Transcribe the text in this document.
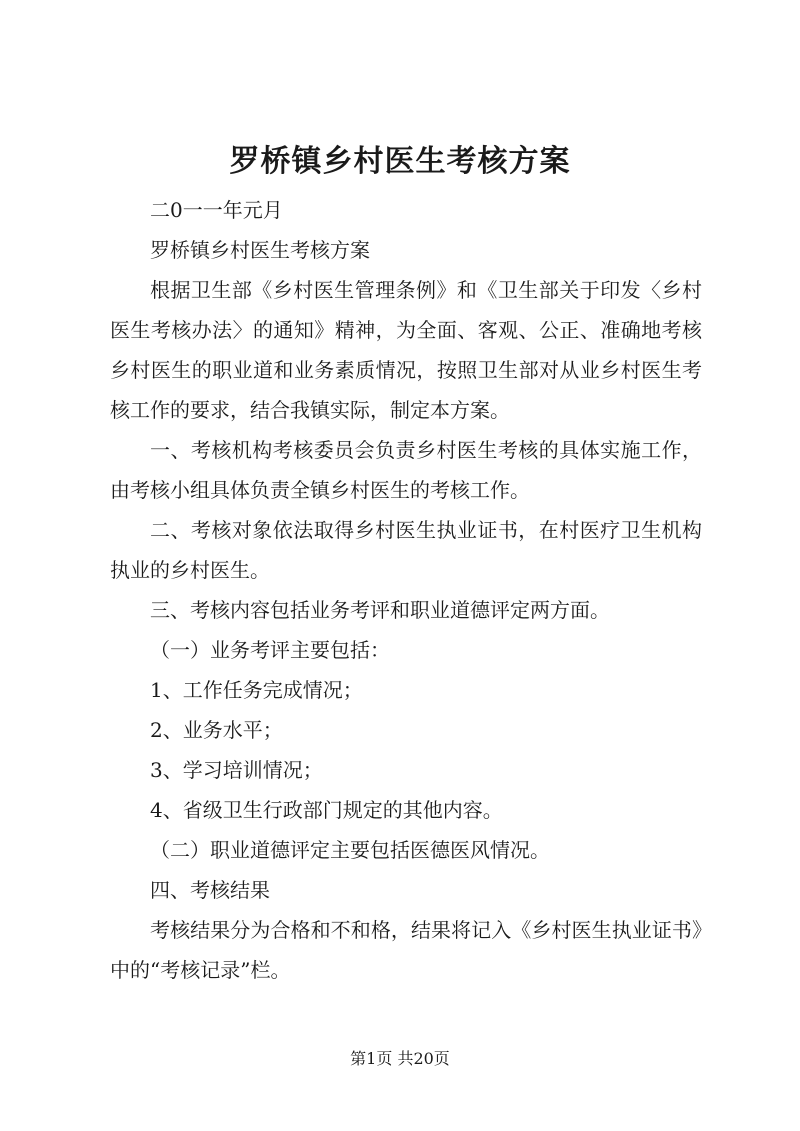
罗桥镇乡村医生考核方案

二0一一年元月

罗桥镇乡村医生考核方案

根据卫生部《乡村医生管理条例》和《卫生部关于印发〈乡村医生考核办法〉的通知》精神，为全面、客观、公正、准确地考核乡村医生的职业道和业务素质情况，按照卫生部对从业乡村医生考核工作的要求，结合我镇实际，制定本方案。

一、考核机构考核委员会负责乡村医生考核的具体实施工作，由考核小组具体负责全镇乡村医生的考核工作。

二、考核对象依法取得乡村医生执业证书，在村医疗卫生机构执业的乡村医生。

三、考核内容包括业务考评和职业道德评定两方面。

（一）业务考评主要包括：

1、工作任务完成情况；

2、业务水平；

3、学习培训情况；

4、省级卫生行政部门规定的其他内容。

（二）职业道德评定主要包括医德医风情况。

四、考核结果

考核结果分为合格和不和格，结果将记入《乡村医生执业证书》中的“考核记录”栏。

第1页 共20页
